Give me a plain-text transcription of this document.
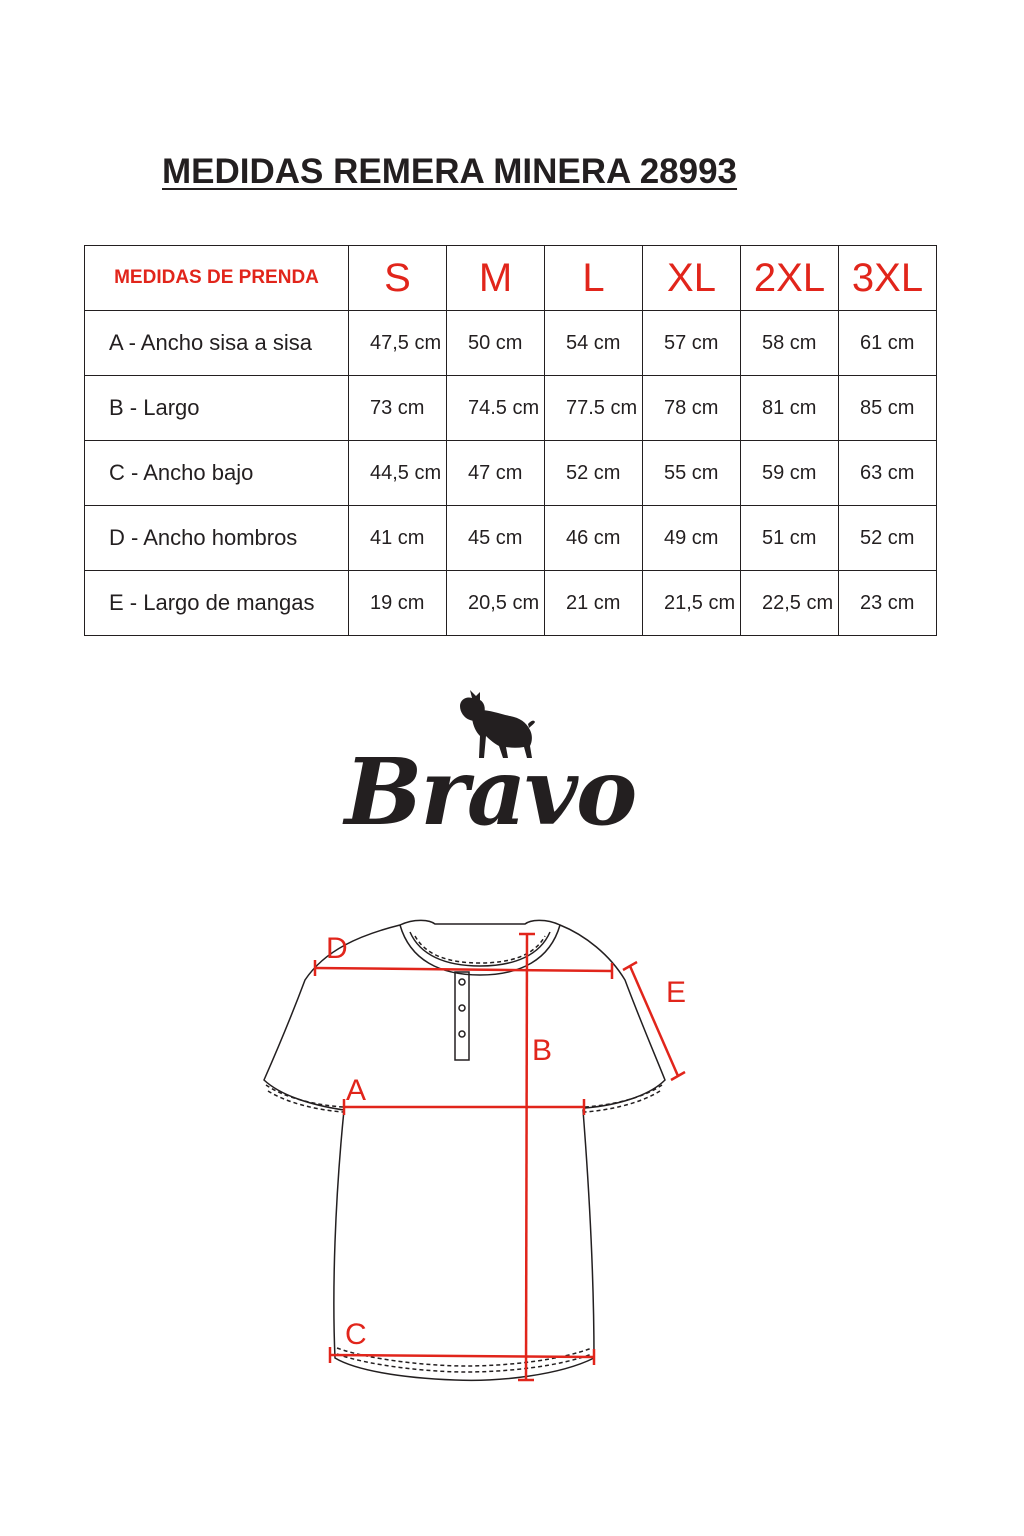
MEDIDAS REMERA MINERA 28993
MEDIDAS DE PRENDA	S	M	L	XL	2XL	3XL
A - Ancho sisa a sisa	47,5 cm	50 cm	54 cm	57 cm	58 cm	61 cm
B - Largo	73 cm	74.5 cm	77.5 cm	78 cm	81 cm	85 cm
C - Ancho bajo	44,5 cm	47 cm	52 cm	55 cm	59 cm	63 cm
D - Ancho hombros	41 cm	45 cm	46 cm	49 cm	51 cm	52 cm
E - Largo de mangas	19 cm	20,5 cm	21 cm	21,5 cm	22,5 cm	23 cm
Bravo
D
A
B
C
E
